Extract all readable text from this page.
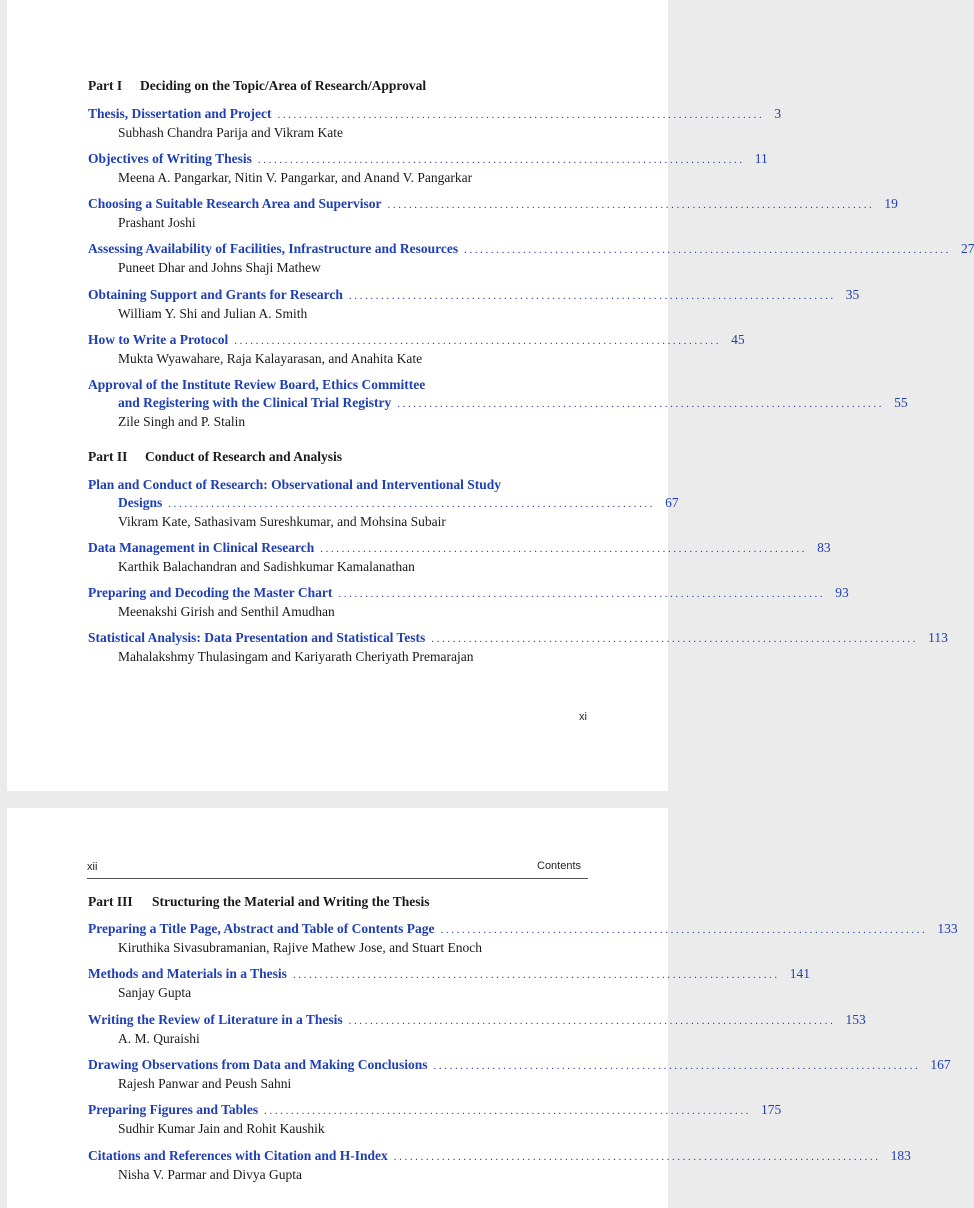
Part I Deciding on the Topic/Area of Research/Approval
Thesis, Dissertation and Project ........................................................................................... 3
Subhash Chandra Parija and Vikram Kate
Objectives of Writing Thesis ........................................................................................... 11
Meena A. Pangarkar, Nitin V. Pangarkar, and Anand V. Pangarkar
Choosing a Suitable Research Area and Supervisor ........................................................................................... 19
Prashant Joshi
Assessing Availability of Facilities, Infrastructure and Resources ........................................................................................... 27
Puneet Dhar and Johns Shaji Mathew
Obtaining Support and Grants for Research ........................................................................................... 35
William Y. Shi and Julian A. Smith
How to Write a Protocol ........................................................................................... 45
Mukta Wyawahare, Raja Kalayarasan, and Anahita Kate
Approval of the Institute Review Board, Ethics Committee
and Registering with the Clinical Trial Registry ........................................................................................... 55
Zile Singh and P. Stalin
Part II Conduct of Research and Analysis
Plan and Conduct of Research: Observational and Interventional Study
Designs ........................................................................................... 67
Vikram Kate, Sathasivam Sureshkumar, and Mohsina Subair
Data Management in Clinical Research ........................................................................................... 83
Karthik Balachandran and Sadishkumar Kamalanathan
Preparing and Decoding the Master Chart ........................................................................................... 93
Meenakshi Girish and Senthil Amudhan
Statistical Analysis: Data Presentation and Statistical Tests ........................................................................................... 113
Mahalakshmy Thulasingam and Kariyarath Cheriyath Premarajan
xi
xii	Contents
Part III Structuring the Material and Writing the Thesis
Preparing a Title Page, Abstract and Table of Contents Page ........................................................................................... 133
Kiruthika Sivasubramanian, Rajive Mathew Jose, and Stuart Enoch
Methods and Materials in a Thesis ........................................................................................... 141
Sanjay Gupta
Writing the Review of Literature in a Thesis ........................................................................................... 153
A. M. Quraishi
Drawing Observations from Data and Making Conclusions ........................................................................................... 167
Rajesh Panwar and Peush Sahni
Preparing Figures and Tables ........................................................................................... 175
Sudhir Kumar Jain and Rohit Kaushik
Citations and References with Citation and H-Index ........................................................................................... 183
Nisha V. Parmar and Divya Gupta
